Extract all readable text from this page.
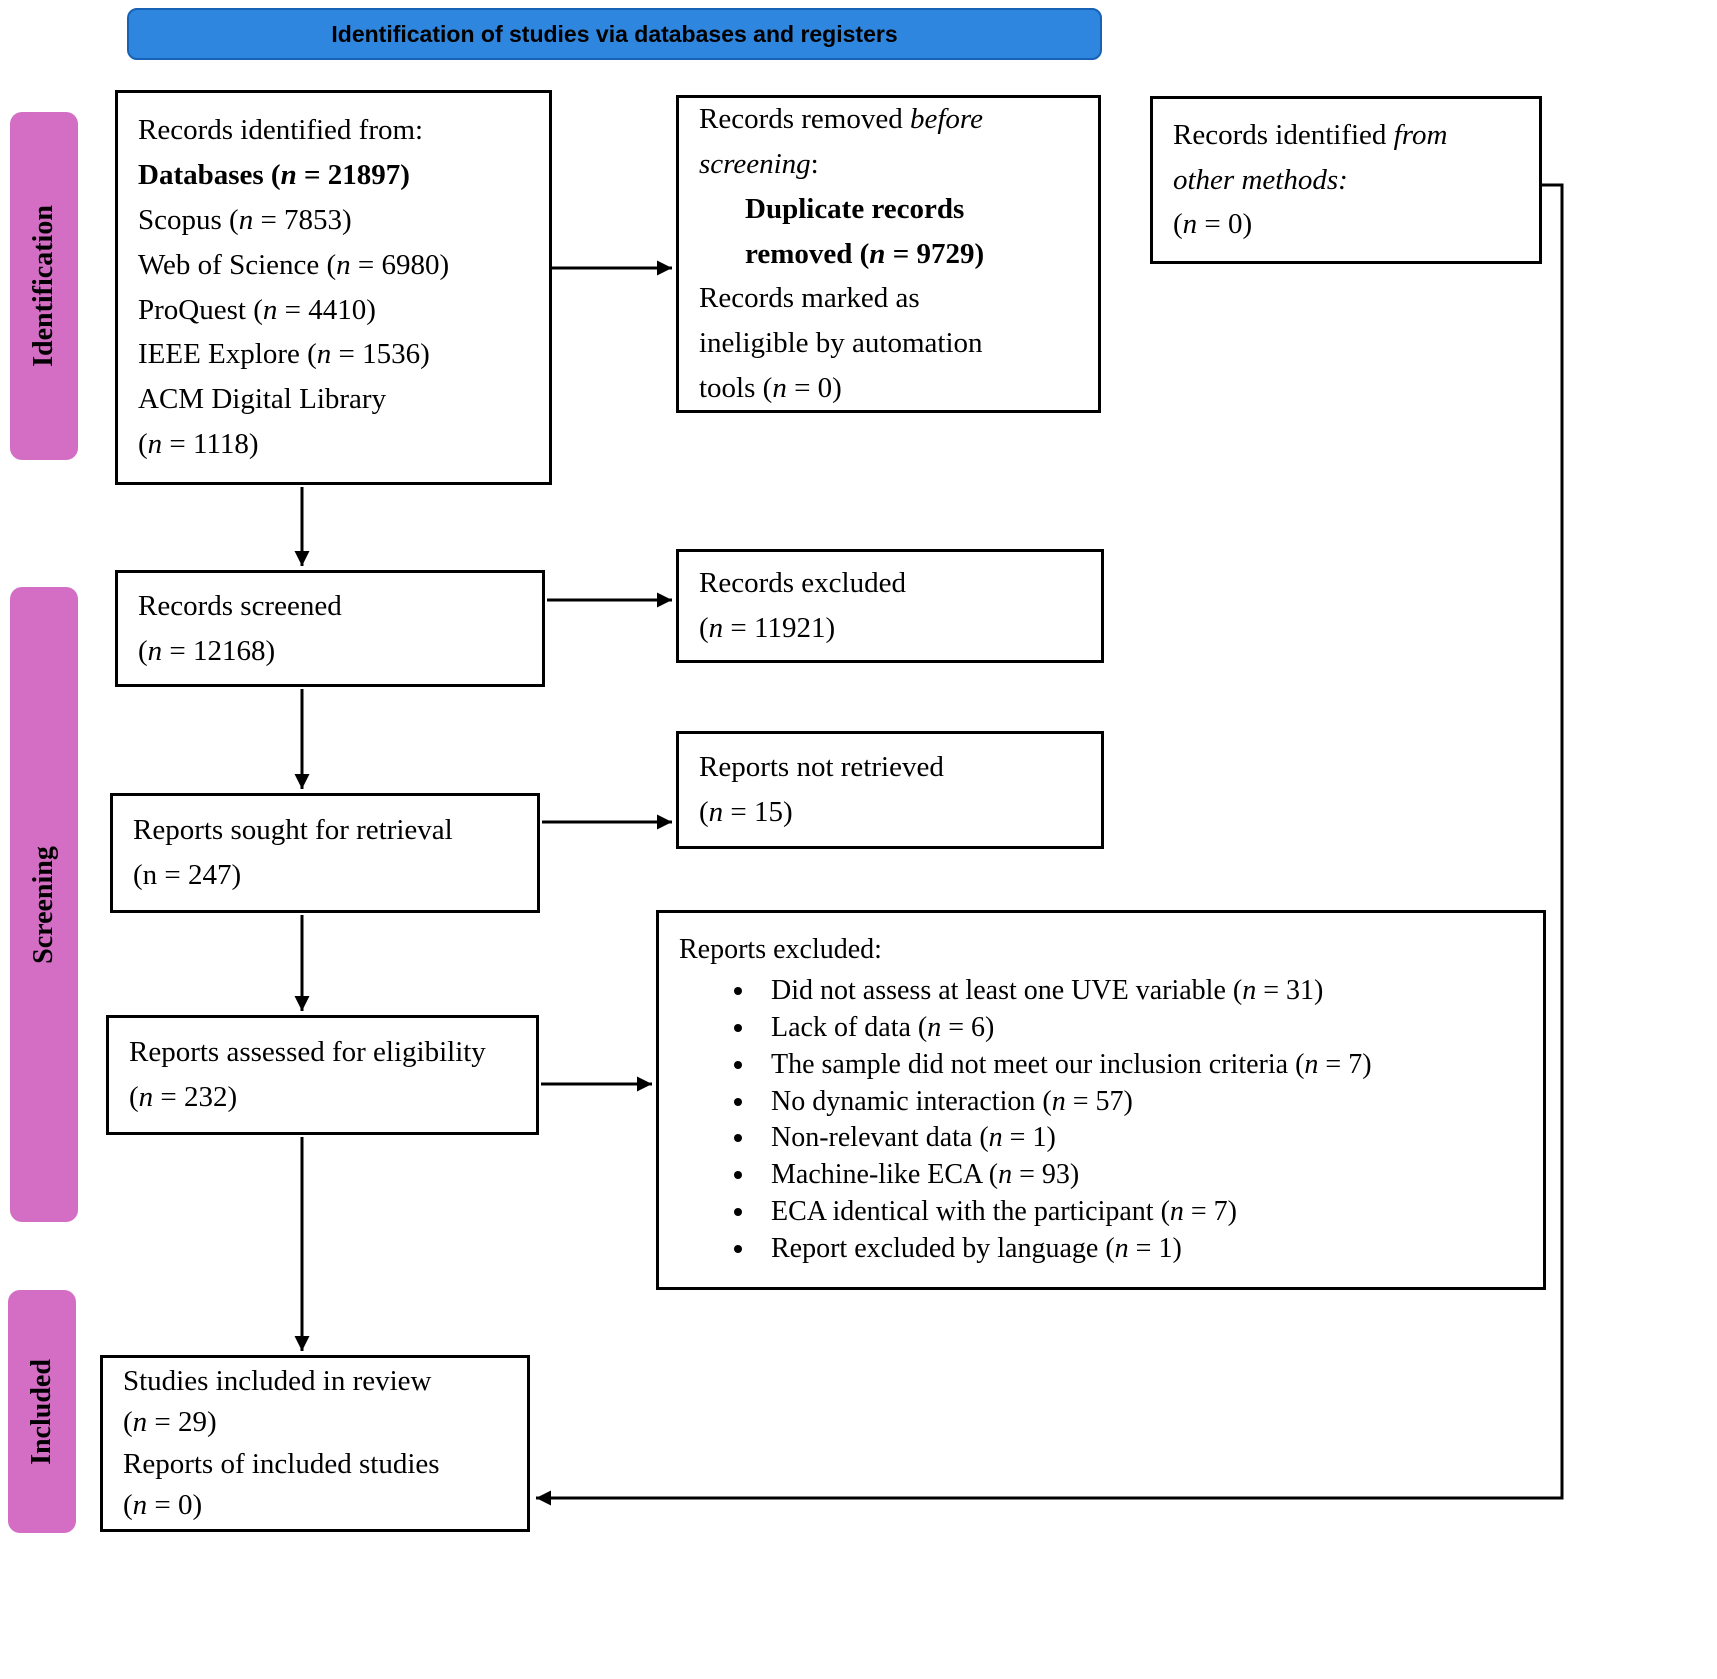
Identification of studies via databases and registers
Identification
Screening
Included
Records identified from:
Databases (n = 21897)
Scopus (n = 7853)
Web of Science (n = 6980)
ProQuest (n = 4410)
IEEE Explore (n = 1536)
ACM Digital Library
(n = 1118)
Records removed before
screening:
Duplicate records
removed (n = 9729)
Records marked as
ineligible by automation
tools (n = 0)
Records identified from
other methods:
(n = 0)
Records screened
(n = 12168)
Records excluded
(n = 11921)
Reports sought for retrieval
(n = 247)
Reports not retrieved
(n = 15)
Reports assessed for eligibility
(n = 232)
Reports excluded:
• Did not assess at least one UVE variable (n = 31)
• Lack of data (n = 6)
• The sample did not meet our inclusion criteria (n = 7)
• No dynamic interaction (n = 57)
• Non-relevant data (n = 1)
• Machine-like ECA (n = 93)
• ECA identical with the participant (n = 7)
• Report excluded by language (n = 1)
Studies included in review
(n = 29)
Reports of included studies
(n = 0)
